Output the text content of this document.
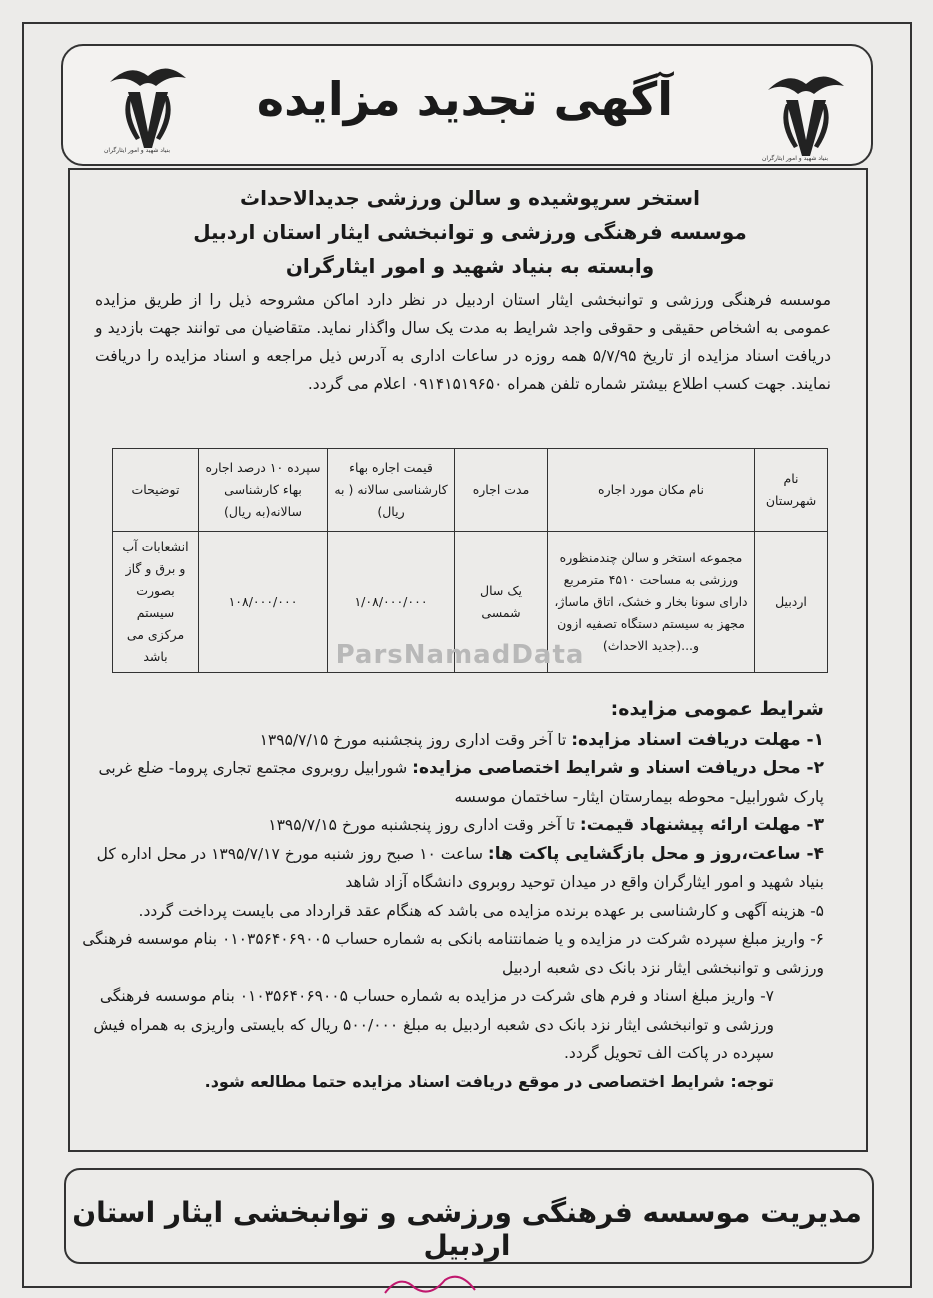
بنیاد شهید و امور ایثارگران
آگهی تجدید مزایده
بنیاد شهید و امور ایثارگران
استخر سرپوشیده و سالن ورزشی جدیدالاحداث
موسسه فرهنگی ورزشی و توانبخشی ایثار استان اردبیل
وابسته به بنیاد شهید و امور ایثارگران
موسسه فرهنگی ورزشی و توانبخشی ایثار استان اردبیل در نظر دارد اماکن مشروحه ذیل را از طریق مزایده عمومی به اشخاص حقیقی و حقوقی واجد شرایط به مدت یک سال واگذار نماید. متقاضیان می توانند جهت بازدید و دریافت اسناد مزایده از تاریخ ۵/۷/۹۵ همه روزه در ساعات اداری به آدرس ذیل مراجعه و اسناد مزایده را دریافت نمایند. جهت کسب اطلاع بیشتر شماره تلفن همراه ۰۹۱۴۱۵۱۹۶۵۰ اعلام می گردد.
نام شهرستان	نام مکان مورد اجاره	مدت اجاره	قیمت اجاره بهاء کارشناسی سالانه ( به ریال)	سپرده ۱۰ درصد اجاره بهاء کارشناسی سالانه(به ریال)	توضیحات
اردبیل	مجموعه استخر و سالن چندمنظوره ورزشی به مساحت ۴۵۱۰ مترمربع دارای سونا بخار و خشک، اتاق ماساژ، مجهز به سیستم دستگاه تصفیه ازون و...(جدید الاحداث)	یک سال شمسی	۱/۰۸/۰۰۰/۰۰۰	۱۰۸/۰۰۰/۰۰۰	انشعابات آب و برق و گاز بصورت سیستم مرکزی می باشد	ParsNamadData
شرایط عمومی مزایده:

۱- مهلت دریافت اسناد مزایده: تا آخر وقت اداری روز پنجشنبه مورخ ۱۳۹۵/۷/۱۵

۲- محل دریافت اسناد و شرایط اختصاصی مزایده: شورابیل روبروی مجتمع تجاری پروما- ضلع غربی پارک شورابیل- محوطه بیمارستان ایثار- ساختمان موسسه

۳- مهلت ارائه پیشنهاد قیمت: تا آخر وقت اداری روز پنجشنبه مورخ ۱۳۹۵/۷/۱۵

۴- ساعت،روز و محل بازگشایی پاکت ها: ساعت ۱۰ صبح روز شنبه مورخ ۱۳۹۵/۷/۱۷ در محل اداره کل بنیاد شهید و امور ایثارگران واقع در میدان توحید روبروی دانشگاه آزاد شاهد

۵- هزینه آگهی و کارشناسی بر عهده برنده مزایده می باشد که هنگام عقد قرارداد می بایست پرداخت گردد.

۶- واریز مبلغ سپرده شرکت در مزایده و یا ضمانتنامه بانکی به شماره حساب ۰۱۰۳۵۶۴۰۶۹۰۰۵ بنام موسسه فرهنگی ورزشی و توانبخشی ایثار نزد بانک دی شعبه اردبیل

۷- واریز مبلغ اسناد و فرم های شرکت در مزایده به شماره حساب ۰۱۰۳۵۶۴۰۶۹۰۰۵ بنام موسسه فرهنگی ورزشی و توانبخشی ایثار نزد بانک دی شعبه اردبیل به مبلغ ۵۰۰/۰۰۰ ریال که بایستی واریزی به همراه فیش سپرده در پاکت الف تحویل گردد.

توجه: شرایط اختصاصی در موقع دریافت اسناد مزایده حتما مطالعه شود.

مدیریت موسسه فرهنگی ورزشی و توانبخشی ایثار استان اردبیل
